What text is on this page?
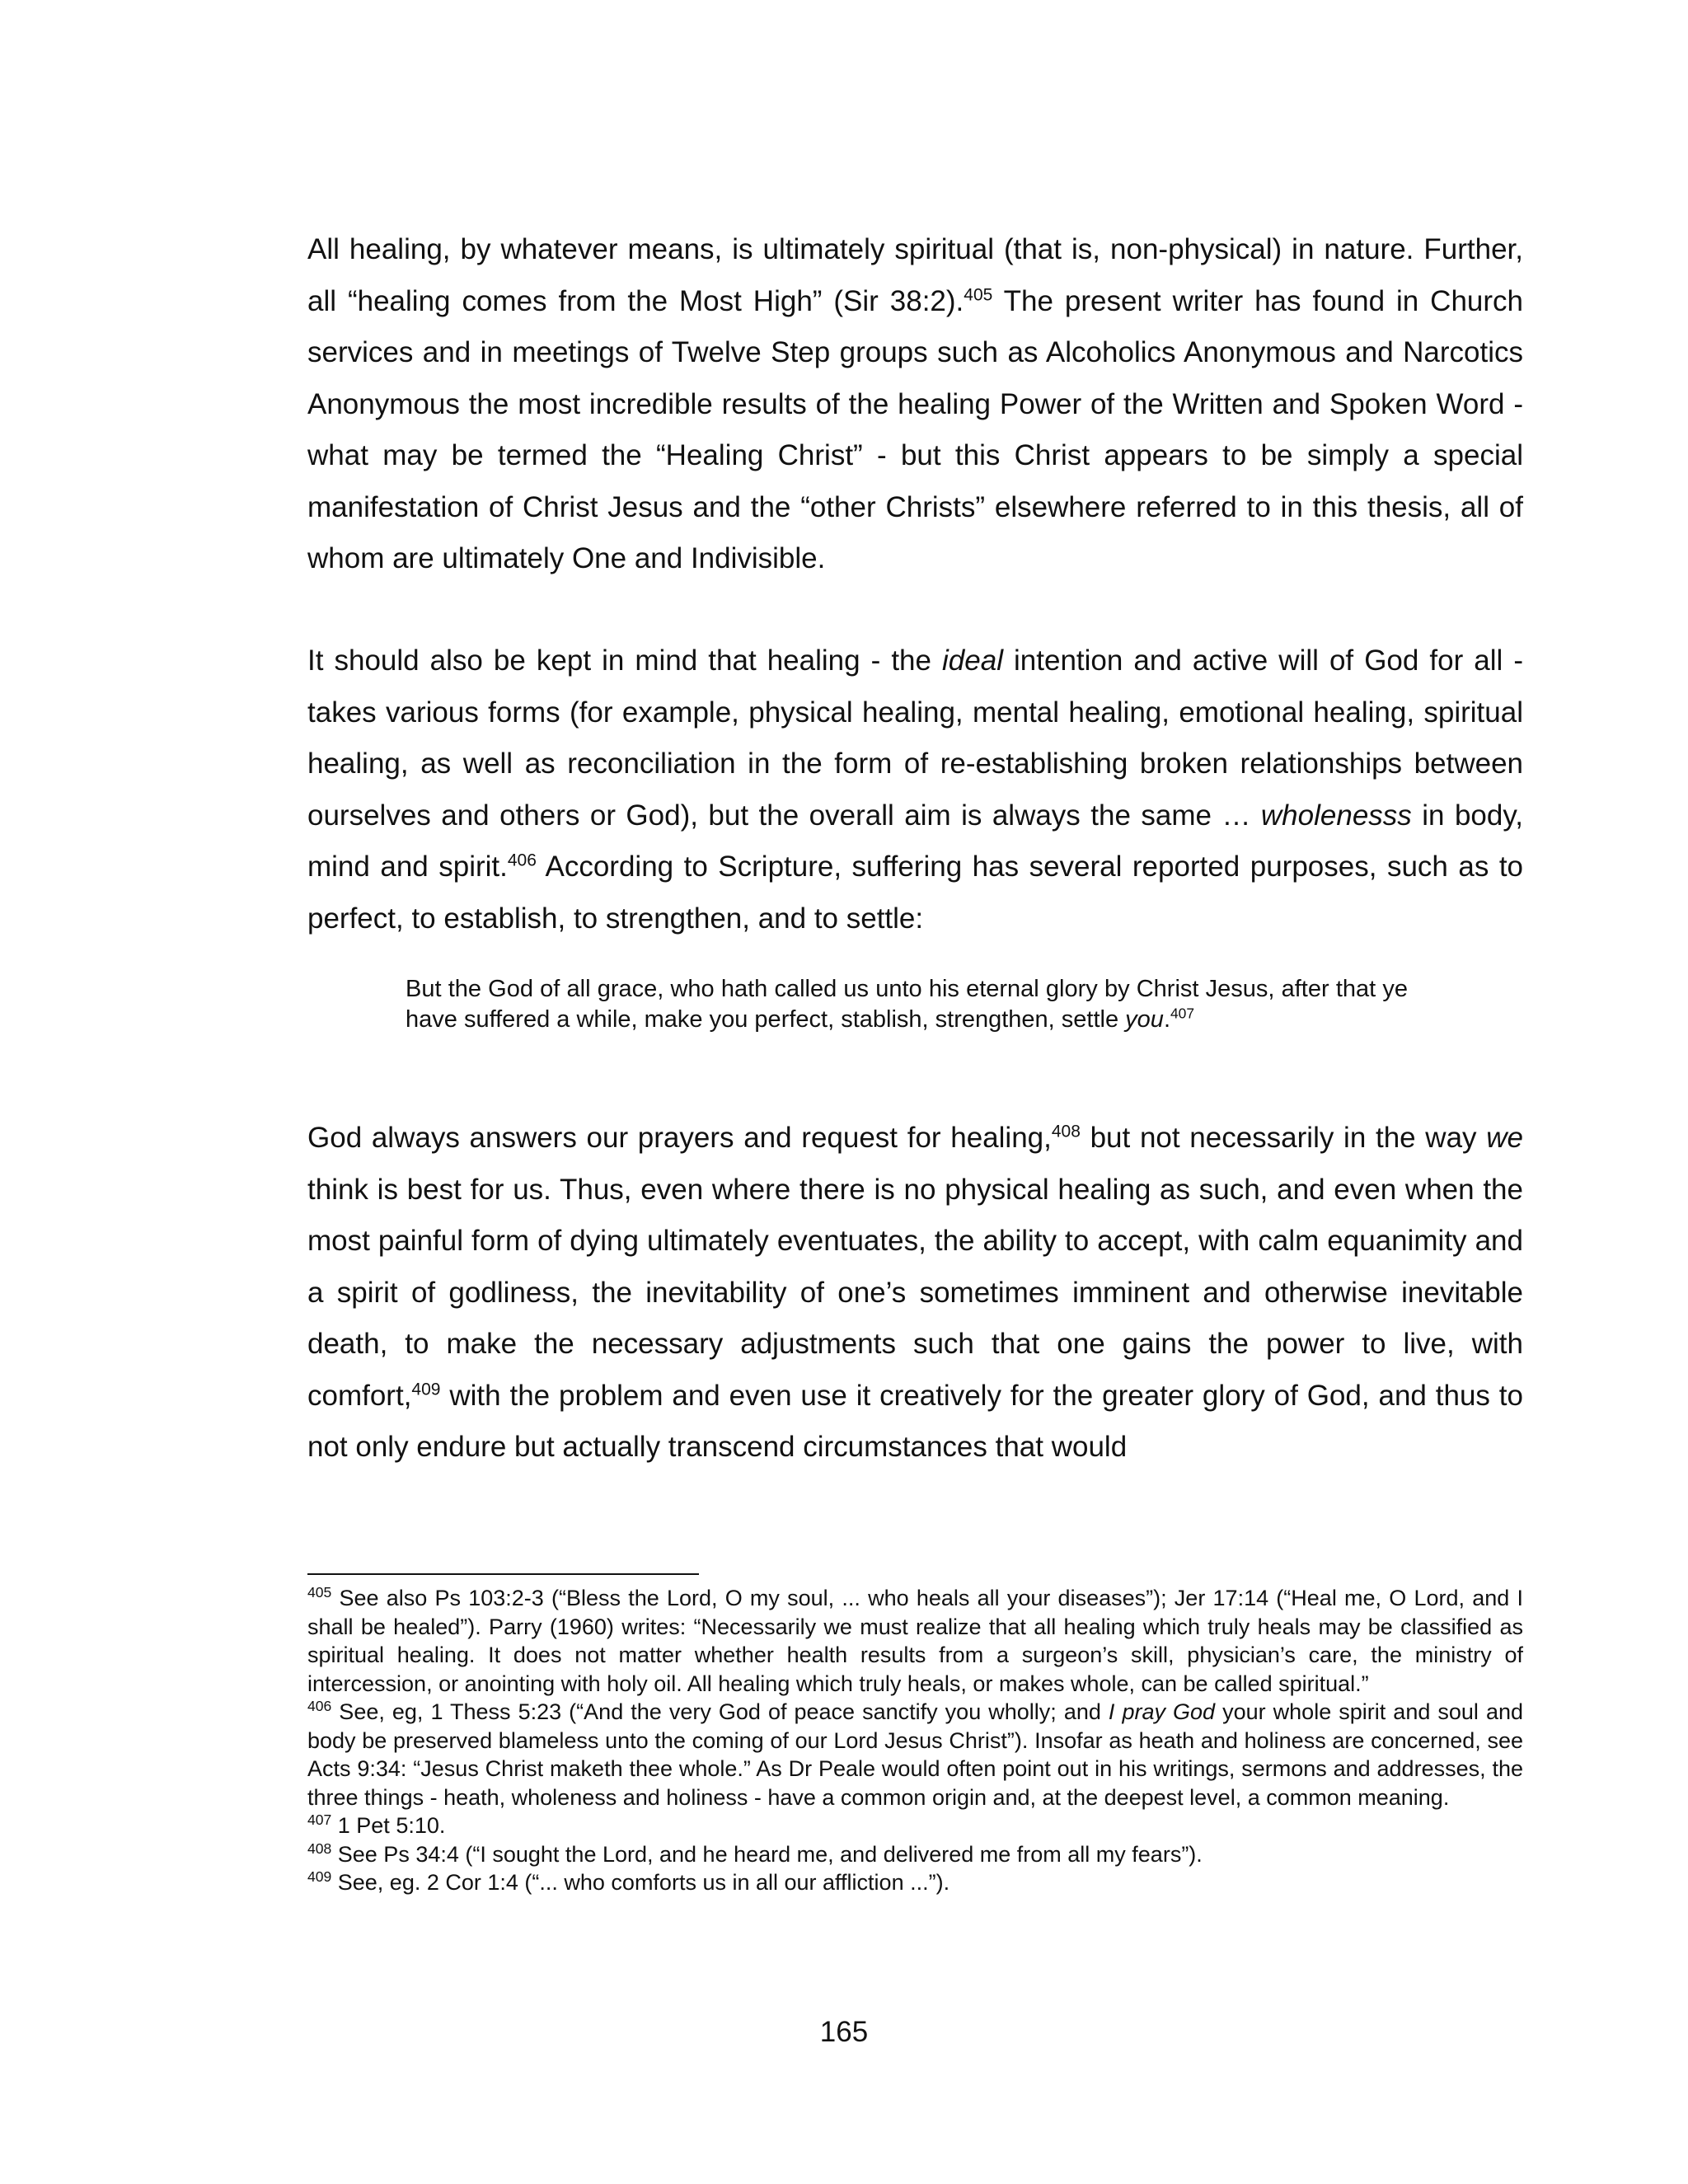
All healing, by whatever means, is ultimately spiritual (that is, non-physical) in nature. Further, all “healing comes from the Most High” (Sir 38:2).$^{405}$ The present writer has found in Church services and in meetings of Twelve Step groups such as Alcoholics Anonymous and Narcotics Anonymous the most incredible results of the healing Power of the Written and Spoken Word - what may be termed the “Healing Christ” - but this Christ appears to be simply a special manifestation of Christ Jesus and the “other Christs” elsewhere referred to in this thesis, all of whom are ultimately One and Indivisible.

It should also be kept in mind that healing - the ideal intention and active will of God for all - takes various forms (for example, physical healing, mental healing, emotional healing, spiritual healing, as well as reconciliation in the form of re-establishing broken relationships between ourselves and others or God), but the overall aim is always the same … wholenesss in body, mind and spirit.$^{406}$ According to Scripture, suffering has several reported purposes, such as to perfect, to establish, to strengthen, and to settle:

But the God of all grace, who hath called us unto his eternal glory by Christ Jesus, after that ye have suffered a while, make you perfect, stablish, strengthen, settle you.$^{407}$

God always answers our prayers and request for healing,$^{408}$ but not necessarily in the way we think is best for us. Thus, even where there is no physical healing as such, and even when the most painful form of dying ultimately eventuates, the ability to accept, with calm equanimity and a spirit of godliness, the inevitability of one’s sometimes imminent and otherwise inevitable death, to make the necessary adjustments such that one gains the power to live, with comfort,$^{409}$ with the problem and even use it creatively for the greater glory of God, and thus to not only endure but actually transcend circumstances that would

$^{405}$ See also Ps 103:2-3 (“Bless the Lord, O my soul, ... who heals all your diseases”); Jer 17:14 (“Heal me, O Lord, and I shall be healed”). Parry (1960) writes: “Necessarily we must realize that all healing which truly heals may be classified as spiritual healing. It does not matter whether health results from a surgeon’s skill, physician’s care, the ministry of intercession, or anointing with holy oil. All healing which truly heals, or makes whole, can be called spiritual.”

$^{406}$ See, eg, 1 Thess 5:23 (“And the very God of peace sanctify you wholly; and I pray God your whole spirit and soul and body be preserved blameless unto the coming of our Lord Jesus Christ”). Insofar as heath and holiness are concerned, see Acts 9:34: “Jesus Christ maketh thee whole.” As Dr Peale would often point out in his writings, sermons and addresses, the three things - heath, wholeness and holiness - have a common origin and, at the deepest level, a common meaning.

$^{407}$ 1 Pet 5:10.

$^{408}$ See Ps 34:4 (“I sought the Lord, and he heard me, and delivered me from all my fears”).

$^{409}$ See, eg. 2 Cor 1:4 (“... who comforts us in all our affliction ...”).

165
